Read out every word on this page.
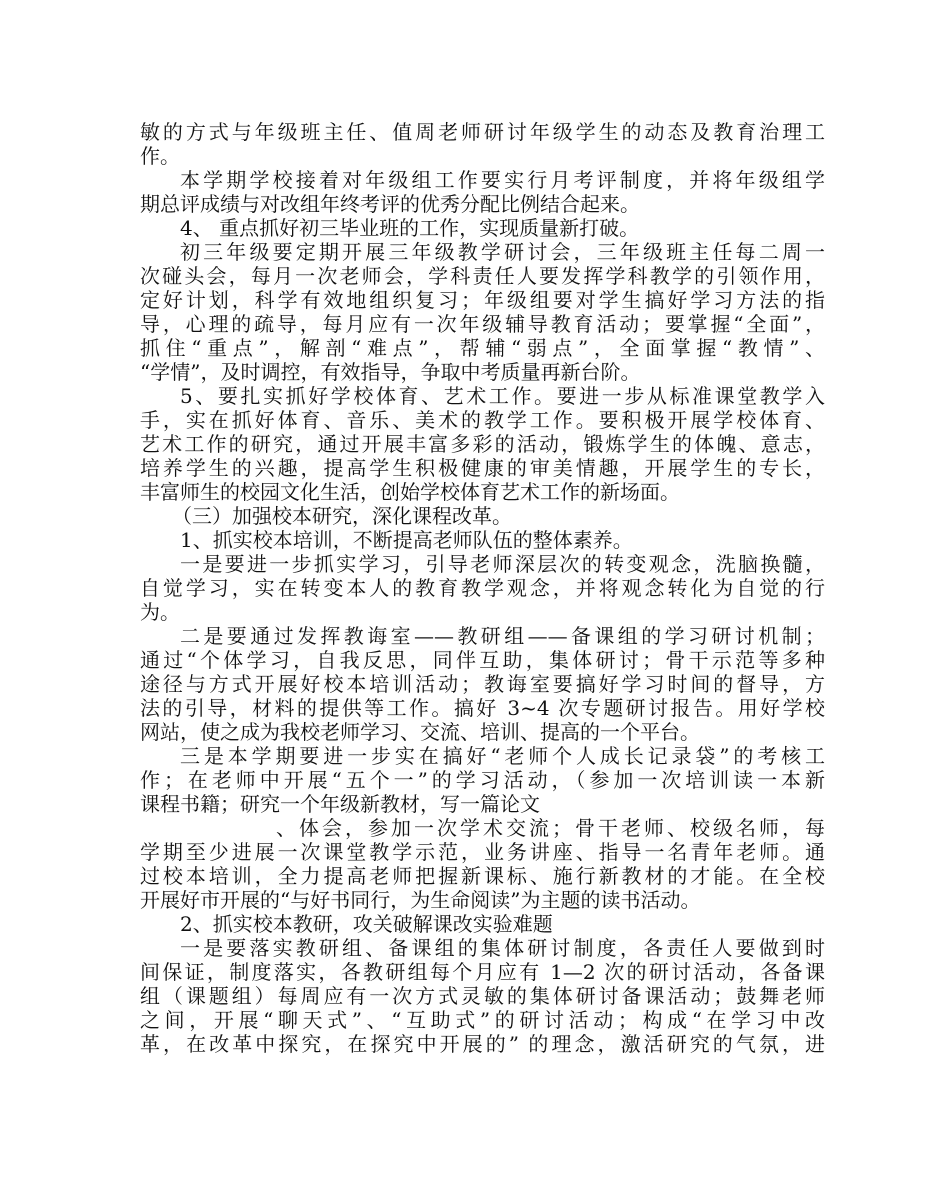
敏的方式与年级班主任、值周老师研讨年级学生的动态及教育治理工
作。
本学期学校接着对年级组工作要实行月考评制度，并将年级组学
期总评成绩与对改组年终考评的优秀分配比例结合起来。
4、 重点抓好初三毕业班的工作，实现质量新打破。
初三年级要定期开展三年级教学研讨会，三年级班主任每二周一
次碰头会，每月一次老师会，学科责任人要发挥学科教学的引领作用，
定好计划，科学有效地组织复习；年级组要对学生搞好学习方法的指
导，心理的疏导，每月应有一次年级辅导教育活动；要掌握“全面”，
抓住“重点”，解剖“难点”，帮辅“弱点”，全面掌握“教情”、
“学情”，及时调控，有效指导，争取中考质量再新台阶。
5、要扎实抓好学校体育、艺术工作。要进一步从标准课堂教学入
手，实在抓好体育、音乐、美术的教学工作。要积极开展学校体育、
艺术工作的研究，通过开展丰富多彩的活动，锻炼学生的体魄、意志，
培养学生的兴趣，提高学生积极健康的审美情趣，开展学生的专长，
丰富师生的校园文化生活，创始学校体育艺术工作的新场面。
（三）加强校本研究，深化课程改革。
1、抓实校本培训，不断提高老师队伍的整体素养。
一是要进一步抓实学习，引导老师深层次的转变观念，洗脑换髓，
自觉学习，实在转变本人的教育教学观念，并将观念转化为自觉的行
为。
二是要通过发挥教诲室——教研组——备课组的学习研讨机制；
通过“个体学习，自我反思，同伴互助，集体研讨；骨干示范等多种
途径与方式开展好校本培训活动；教诲室要搞好学习时间的督导，方
法的引导，材料的提供等工作。搞好 3~4 次专题研讨报告。用好学校
网站，使之成为我校老师学习、交流、培训、提高的一个平台。
三是本学期要进一步实在搞好“老师个人成长记录袋”的考核工
作；在老师中开展“五个一”的学习活动，（参加一次培训读一本新
课程书籍；研究一个年级新教材，写一篇论文
、体会，参加一次学术交流；骨干老师、校级名师，每
学期至少进展一次课堂教学示范，业务讲座、指导一名青年老师。通
过校本培训，全力提高老师把握新课标、施行新教材的才能。在全校
开展好市开展的“与好书同行，为生命阅读”为主题的读书活动。
2、抓实校本教研，攻关破解课改实验难题
一是要落实教研组、备课组的集体研讨制度，各责任人要做到时
间保证，制度落实，各教研组每个月应有 1—2 次的研讨活动，各备课
组（课题组）每周应有一次方式灵敏的集体研讨备课活动；鼓舞老师
之间，开展“聊天式”、“互助式”的研讨活动；构成“在学习中改
革，在改革中探究，在探究中开展的” 的理念，激活研究的气氛，进
